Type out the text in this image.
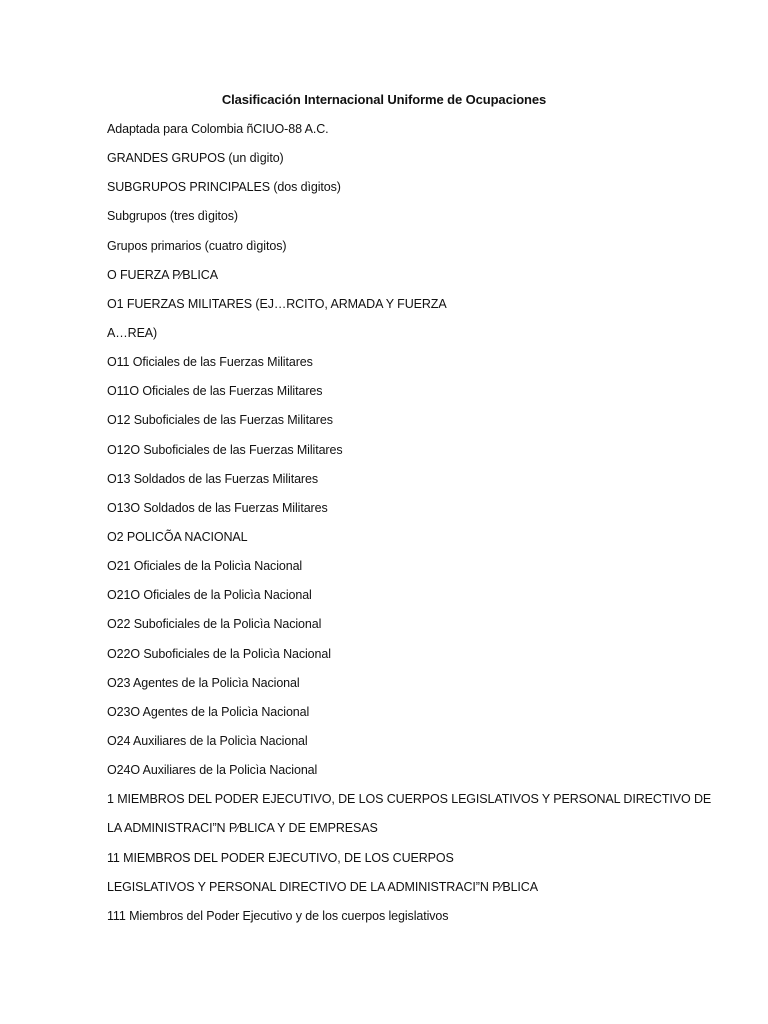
Clasificación Internacional Uniforme de Ocupaciones
Adaptada para Colombia ñCIUO-88 A.C.
GRANDES GRUPOS (un dìgito)
SUBGRUPOS PRINCIPALES (dos dìgitos)
Subgrupos (tres dìgitos)
Grupos primarios (cuatro dìgitos)
O FUERZA P⁄BLICA
O1 FUERZAS MILITARES (EJ…RCITO, ARMADA Y FUERZA
A…REA)
O11 Oficiales de las Fuerzas Militares
O11O Oficiales de las Fuerzas Militares
O12 Suboficiales de las Fuerzas Militares
O12O Suboficiales de las Fuerzas Militares
O13 Soldados de las Fuerzas Militares
O13O Soldados de las Fuerzas Militares
O2 POLICÕA NACIONAL
O21 Oficiales de la Policìa Nacional
O21O Oficiales de la Policìa Nacional
O22 Suboficiales de la Policìa Nacional
O22O Suboficiales de la Policìa Nacional
O23 Agentes de la Policìa Nacional
O23O Agentes de la Policìa Nacional
O24 Auxiliares de la Policìa Nacional
O24O Auxiliares de la Policìa Nacional
1 MIEMBROS DEL PODER EJECUTIVO, DE LOS CUERPOS LEGISLATIVOS Y PERSONAL DIRECTIVO DE
LA ADMINISTRACI”N P⁄BLICA Y DE EMPRESAS
11 MIEMBROS DEL PODER EJECUTIVO, DE LOS CUERPOS
LEGISLATIVOS Y PERSONAL DIRECTIVO DE LA ADMINISTRACI”N P⁄BLICA
111 Miembros del Poder Ejecutivo y de los cuerpos legislativos
